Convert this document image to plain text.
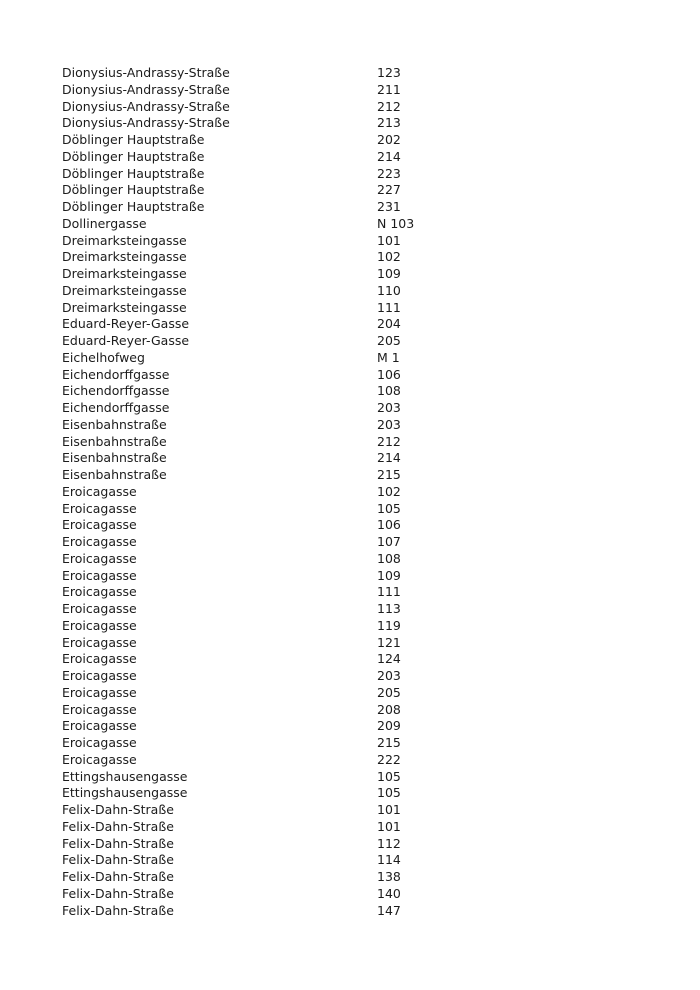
Dionysius-Andrassy-Straße	123
Dionysius-Andrassy-Straße	211
Dionysius-Andrassy-Straße	212
Dionysius-Andrassy-Straße	213
Döblinger Hauptstraße	202
Döblinger Hauptstraße	214
Döblinger Hauptstraße	223
Döblinger Hauptstraße	227
Döblinger Hauptstraße	231
Dollinergasse	N 103
Dreimarksteingasse	101
Dreimarksteingasse	102
Dreimarksteingasse	109
Dreimarksteingasse	110
Dreimarksteingasse	111
Eduard-Reyer-Gasse	204
Eduard-Reyer-Gasse	205
Eichelhofweg	M 1
Eichendorffgasse	106
Eichendorffgasse	108
Eichendorffgasse	203
Eisenbahnstraße	203
Eisenbahnstraße	212
Eisenbahnstraße	214
Eisenbahnstraße	215
Eroicagasse	102
Eroicagasse	105
Eroicagasse	106
Eroicagasse	107
Eroicagasse	108
Eroicagasse	109
Eroicagasse	111
Eroicagasse	113
Eroicagasse	119
Eroicagasse	121
Eroicagasse	124
Eroicagasse	203
Eroicagasse	205
Eroicagasse	208
Eroicagasse	209
Eroicagasse	215
Eroicagasse	222
Ettingshausengasse	105
Ettingshausengasse	105
Felix-Dahn-Straße	101
Felix-Dahn-Straße	101
Felix-Dahn-Straße	112
Felix-Dahn-Straße	114
Felix-Dahn-Straße	138
Felix-Dahn-Straße	140
Felix-Dahn-Straße	147
